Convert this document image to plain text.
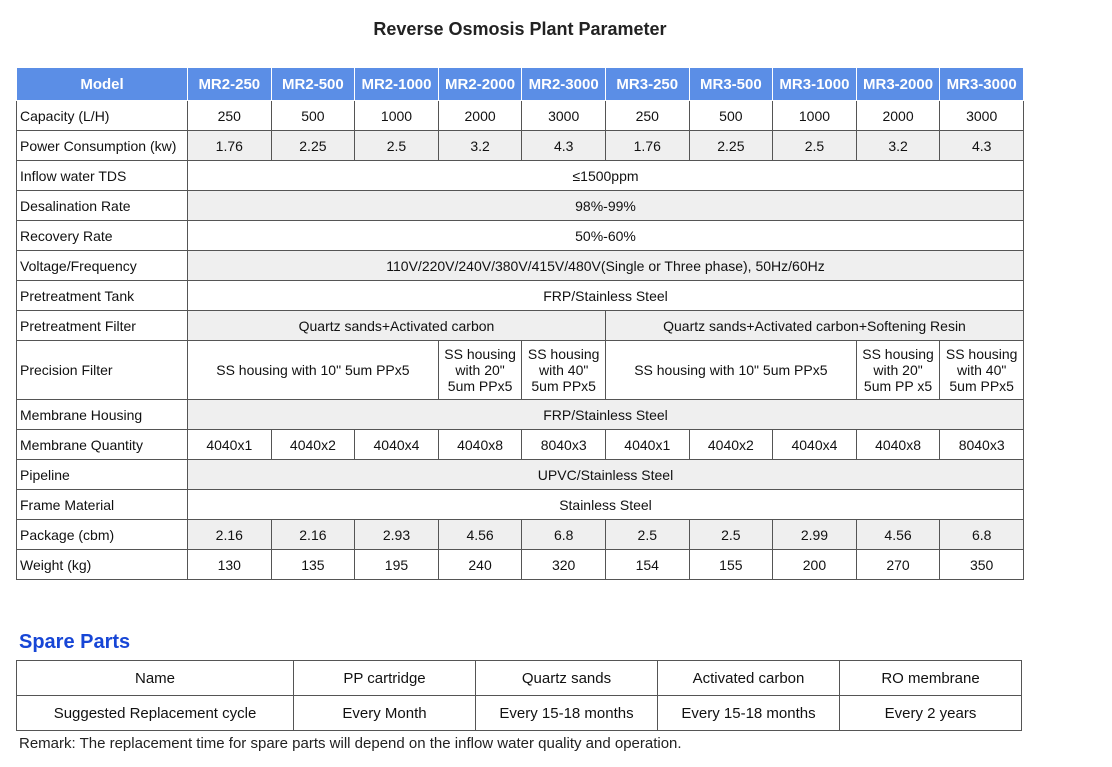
Reverse Osmosis Plant Parameter
Model	MR2-250	MR2-500	MR2-1000	MR2-2000	MR2-3000	MR3-250	MR3-500	MR3-1000	MR3-2000	MR3-3000
Capacity (L/H)	250	500	1000	2000	3000	250	500	1000	2000	3000
Power Consumption (kw)	1.76	2.25	2.5	3.2	4.3	1.76	2.25	2.5	3.2	4.3
Inflow water TDS	≤1500ppm									
Desalination Rate	98%-99%									
Recovery Rate	50%-60%									
Voltage/Frequency	110V/220V/240V/380V/415V/480V(Single or Three phase), 50Hz/60Hz									
Pretreatment Tank	FRP/Stainless Steel									
Pretreatment Filter	Quartz sands+Activated carbon					Quartz sands+Activated carbon+Softening Resin				
Precision Filter	SS housing with 10" 5um PPx5			SS housing
with 20"
5um PPx5	SS housing
with 40"
5um PPx5	SS housing with 10" 5um PPx5			SS housing
with 20"
5um PP x5	SS housing
with 40"
5um PPx5
Membrane Housing	FRP/Stainless Steel									
Membrane Quantity	4040x1	4040x2	4040x4	4040x8	8040x3	4040x1	4040x2	4040x4	4040x8	8040x3
Pipeline	UPVC/Stainless Steel									
Frame Material	Stainless Steel									
Package (cbm)	2.16	2.16	2.93	4.56	6.8	2.5	2.5	2.99	4.56	6.8
Weight (kg)	130	135	195	240	320	154	155	200	270	350
Spare Parts
Name	PP cartridge	Quartz sands	Activated carbon	RO membrane
Suggested Replacement cycle	Every Month	Every 15-18 months	Every 15-18 months	Every 2 years
Remark: The replacement time for spare parts will depend on the inflow water quality and operation.
